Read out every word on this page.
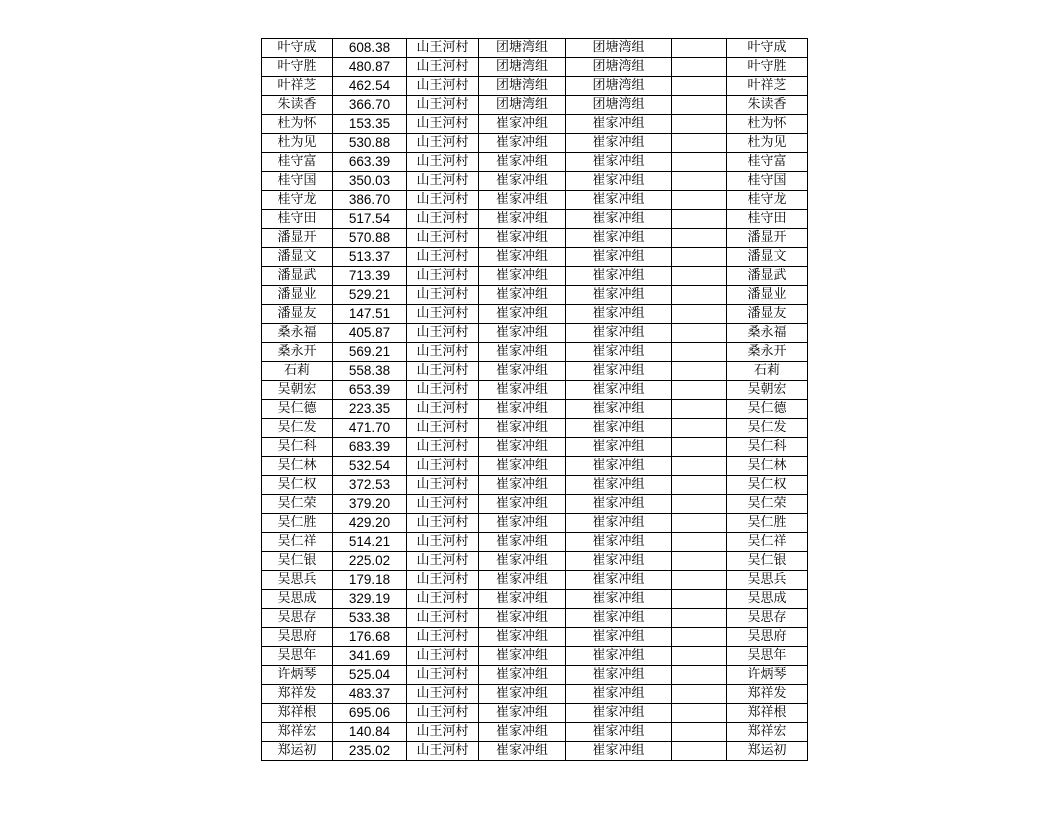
叶守成	608.38	山王河村	团塘湾组	团塘湾组		叶守成
叶守胜	480.87	山王河村	团塘湾组	团塘湾组		叶守胜
叶祥芝	462.54	山王河村	团塘湾组	团塘湾组		叶祥芝
朱读香	366.70	山王河村	团塘湾组	团塘湾组		朱读香
杜为怀	153.35	山王河村	崔家冲组	崔家冲组		杜为怀
杜为见	530.88	山王河村	崔家冲组	崔家冲组		杜为见
桂守富	663.39	山王河村	崔家冲组	崔家冲组		桂守富
桂守国	350.03	山王河村	崔家冲组	崔家冲组		桂守国
桂守龙	386.70	山王河村	崔家冲组	崔家冲组		桂守龙
桂守田	517.54	山王河村	崔家冲组	崔家冲组		桂守田
潘显开	570.88	山王河村	崔家冲组	崔家冲组		潘显开
潘显文	513.37	山王河村	崔家冲组	崔家冲组		潘显文
潘显武	713.39	山王河村	崔家冲组	崔家冲组		潘显武
潘显业	529.21	山王河村	崔家冲组	崔家冲组		潘显业
潘显友	147.51	山王河村	崔家冲组	崔家冲组		潘显友
桑永福	405.87	山王河村	崔家冲组	崔家冲组		桑永福
桑永开	569.21	山王河村	崔家冲组	崔家冲组		桑永开
石莉	558.38	山王河村	崔家冲组	崔家冲组		石莉
吴朝宏	653.39	山王河村	崔家冲组	崔家冲组		吴朝宏
吴仁德	223.35	山王河村	崔家冲组	崔家冲组		吴仁德
吴仁发	471.70	山王河村	崔家冲组	崔家冲组		吴仁发
吴仁科	683.39	山王河村	崔家冲组	崔家冲组		吴仁科
吴仁林	532.54	山王河村	崔家冲组	崔家冲组		吴仁林
吴仁权	372.53	山王河村	崔家冲组	崔家冲组		吴仁权
吴仁荣	379.20	山王河村	崔家冲组	崔家冲组		吴仁荣
吴仁胜	429.20	山王河村	崔家冲组	崔家冲组		吴仁胜
吴仁祥	514.21	山王河村	崔家冲组	崔家冲组		吴仁祥
吴仁银	225.02	山王河村	崔家冲组	崔家冲组		吴仁银
吴思兵	179.18	山王河村	崔家冲组	崔家冲组		吴思兵
吴思成	329.19	山王河村	崔家冲组	崔家冲组		吴思成
吴思存	533.38	山王河村	崔家冲组	崔家冲组		吴思存
吴思府	176.68	山王河村	崔家冲组	崔家冲组		吴思府
吴思年	341.69	山王河村	崔家冲组	崔家冲组		吴思年
许炳琴	525.04	山王河村	崔家冲组	崔家冲组		许炳琴
郑祥发	483.37	山王河村	崔家冲组	崔家冲组		郑祥发
郑祥根	695.06	山王河村	崔家冲组	崔家冲组		郑祥根
郑祥宏	140.84	山王河村	崔家冲组	崔家冲组		郑祥宏
郑运初	235.02	山王河村	崔家冲组	崔家冲组		郑运初
